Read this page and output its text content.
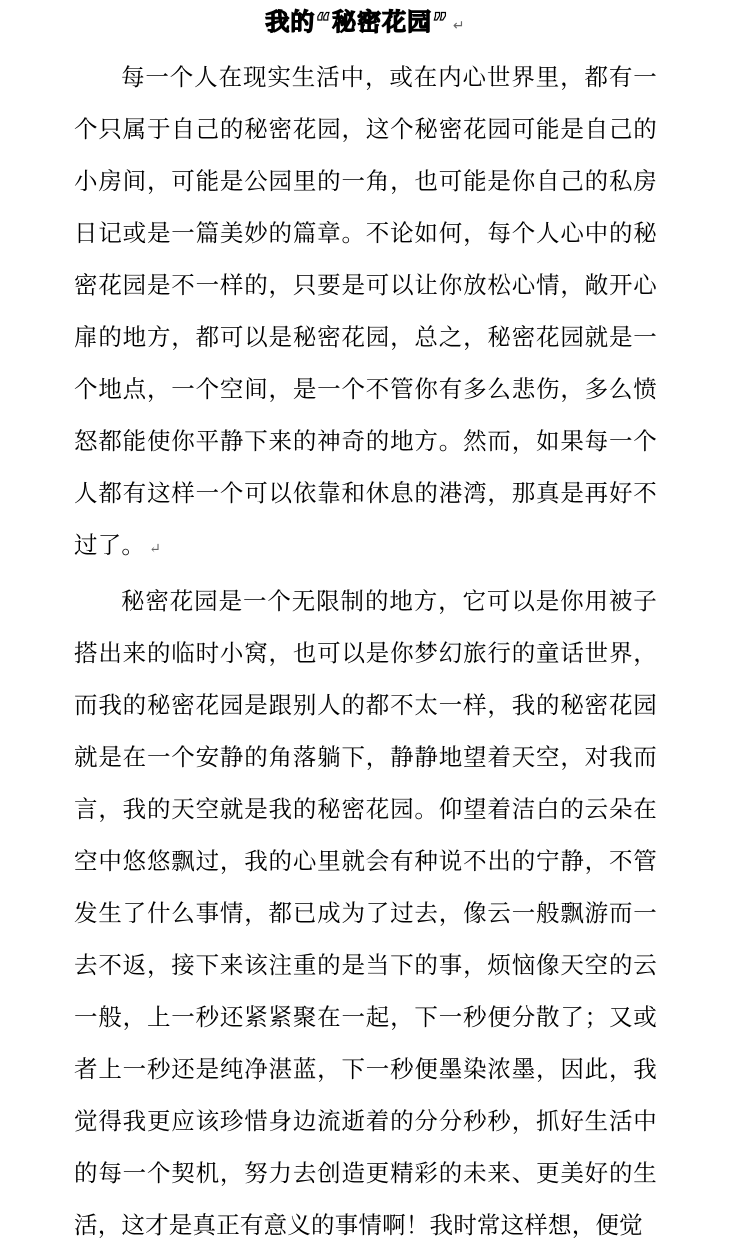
我的“秘密花园” ↵

每一个人在现实生活中，或在内心世界里，都有一个只属于自己的秘密花园，这个秘密花园可能是自己的小房间，可能是公园里的一角，也可能是你自己的私房日记或是一篇美妙的篇章。不论如何，每个人心中的秘密花园是不一样的，只要是可以让你放松心情，敞开心扉的地方，都可以是秘密花园，总之，秘密花园就是一个地点，一个空间，是一个不管你有多么悲伤，多么愤怒都能使你平静下来的神奇的地方。然而，如果每一个人都有这样一个可以依靠和休息的港湾，那真是再好不过了。 ↵

秘密花园是一个无限制的地方，它可以是你用被子搭出来的临时小窝，也可以是你梦幻旅行的童话世界，而我的秘密花园是跟别人的都不太一样，我的秘密花园就是在一个安静的角落躺下，静静地望着天空，对我而言，我的天空就是我的秘密花园。仰望着洁白的云朵在空中悠悠飘过，我的心里就会有种说不出的宁静，不管发生了什么事情，都已成为了过去，像云一般飘游而一去不返，接下来该注重的是当下的事，烦恼像天空的云一般，上一秒还紧紧聚在一起，下一秒便分散了；又或者上一秒还是纯净湛蓝，下一秒便墨染浓墨，因此，我觉得我更应该珍惜身边流逝着的分分秒秒，抓好生活中的每一个契机，努力去创造更精彩的未来、更美好的生活，这才是真正有意义的事情啊！我时常这样想，便觉
